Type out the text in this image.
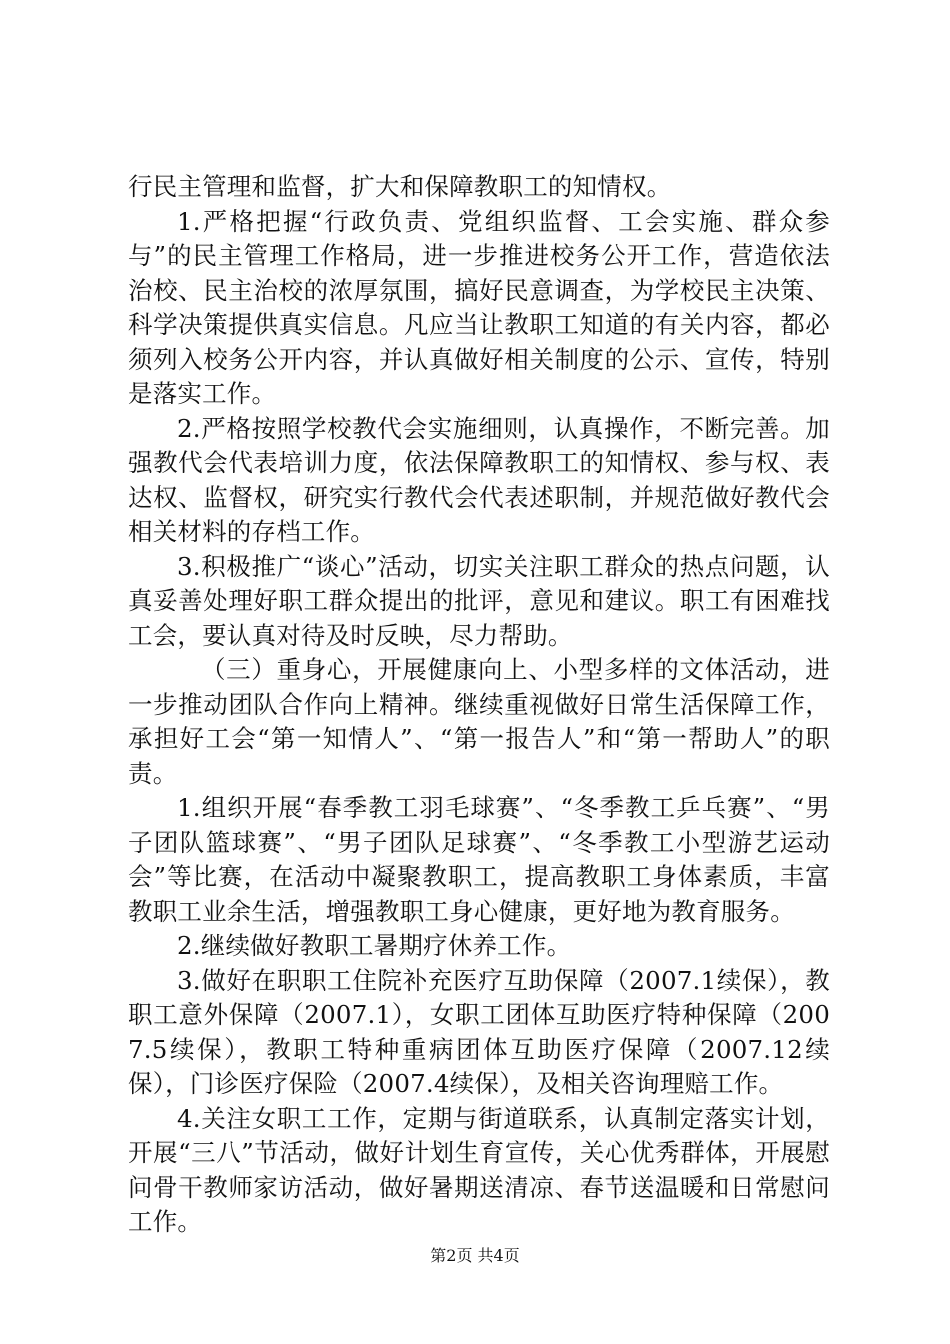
行民主管理和监督，扩大和保障教职工的知情权。

1.严格把握“行政负责、党组织监督、工会实施、群众参与”的民主管理工作格局，进一步推进校务公开工作，营造依法治校、民主治校的浓厚氛围，搞好民意调查，为学校民主决策、科学决策提供真实信息。凡应当让教职工知道的有关内容，都必须列入校务公开内容，并认真做好相关制度的公示、宣传，特别是落实工作。

2.严格按照学校教代会实施细则，认真操作，不断完善。加强教代会代表培训力度，依法保障教职工的知情权、参与权、表达权、监督权，研究实行教代会代表述职制，并规范做好教代会相关材料的存档工作。

3.积极推广“谈心”活动，切实关注职工群众的热点问题，认真妥善处理好职工群众提出的批评，意见和建议。职工有困难找工会，要认真对待及时反映，尽力帮助。

（三）重身心，开展健康向上、小型多样的文体活动，进一步推动团队合作向上精神。继续重视做好日常生活保障工作，承担好工会“第一知情人”、“第一报告人”和“第一帮助人”的职责。

1.组织开展“春季教工羽毛球赛”、“冬季教工乒乓赛”、“男子团队篮球赛”、“男子团队足球赛”、“冬季教工小型游艺运动会”等比赛，在活动中凝聚教职工，提高教职工身体素质，丰富教职工业余生活，增强教职工身心健康，更好地为教育服务。

2.继续做好教职工暑期疗休养工作。

3.做好在职职工住院补充医疗互助保障（2007.1续保），教职工意外保障（2007.1），女职工团体互助医疗特种保障（2007.5续保），教职工特种重病团体互助医疗保障（2007.12续保），门诊医疗保险（2007.4续保），及相关咨询理赔工作。

4.关注女职工工作，定期与街道联系，认真制定落实计划，开展“三八”节活动，做好计划生育宣传，关心优秀群体，开展慰问骨干教师家访活动，做好暑期送清凉、春节送温暖和日常慰问工作。

第2页 共4页
